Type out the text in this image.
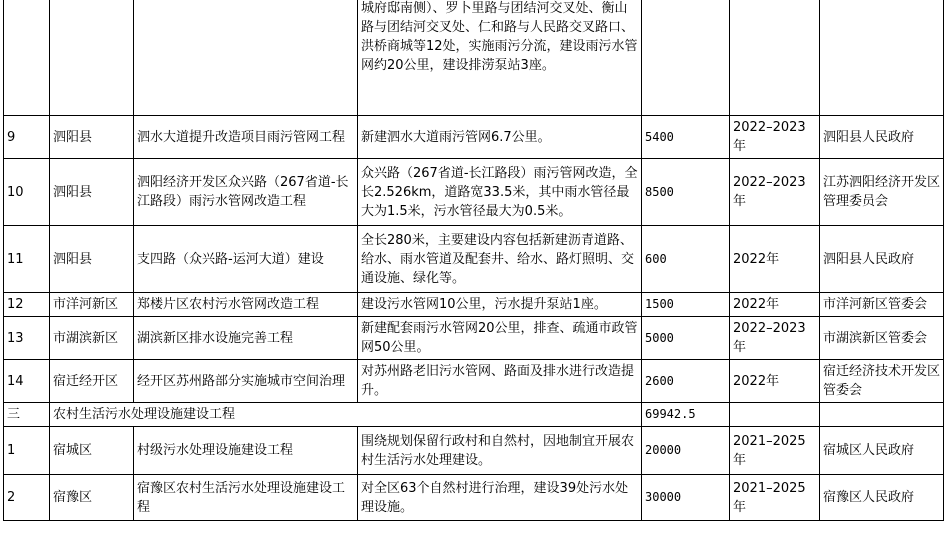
			城府邸南侧）、罗卜里路与团结河交叉处、衡山路与团结河交叉处、仁和路与人民路交叉路口、洪桥商城等12处，实施雨污分流，建设雨污水管网约20公里，建设排涝泵站3座。			
9	泗阳县	泗水大道提升改造项目雨污管网工程	新建泗水大道雨污管网6.7公里。	5400	2022–2023年	泗阳县人民政府
10	泗阳县	泗阳经济开发区众兴路（267省道-长江路段）雨污水管网改造工程	众兴路（267省道-长江路段）雨污管网改造，全长2.526km，道路宽33.5米，其中雨水管径最大为1.5米，污水管径最大为0.5米。	8500	2022–2023年	江苏泗阳经济开发区管理委员会
11	泗阳县	支四路（众兴路-运河大道）建设	全长280米，主要建设内容包括新建沥青道路、给水、雨水管道及配套井、给水、路灯照明、交通设施、绿化等。	600	2022年	泗阳县人民政府
12	市洋河新区	郑楼片区农村污水管网改造工程	建设污水管网10公里，污水提升泵站1座。	1500	2022年	市洋河新区管委会
13	市湖滨新区	湖滨新区排水设施完善工程	新建配套雨污水管网20公里，排查、疏通市政管网50公里。	5000	2022–2023年	市湖滨新区管委会
14	宿迁经开区	经开区苏州路部分实施城市空间治理	对苏州路老旧污水管网、路面及排水进行改造提升。	2600	2022年	宿迁经济技术开发区管委会
三	农村生活污水处理设施建设工程			69942.5		
1	宿城区	村级污水处理设施建设工程	围绕规划保留行政村和自然村，因地制宜开展农村生活污水处理建设。	20000	2021–2025年	宿城区人民政府
2	宿豫区	宿豫区农村生活污水处理设施建设工程	对全区63个自然村进行治理，建设39处污水处理设施。	30000	2021–2025年	宿豫区人民政府
